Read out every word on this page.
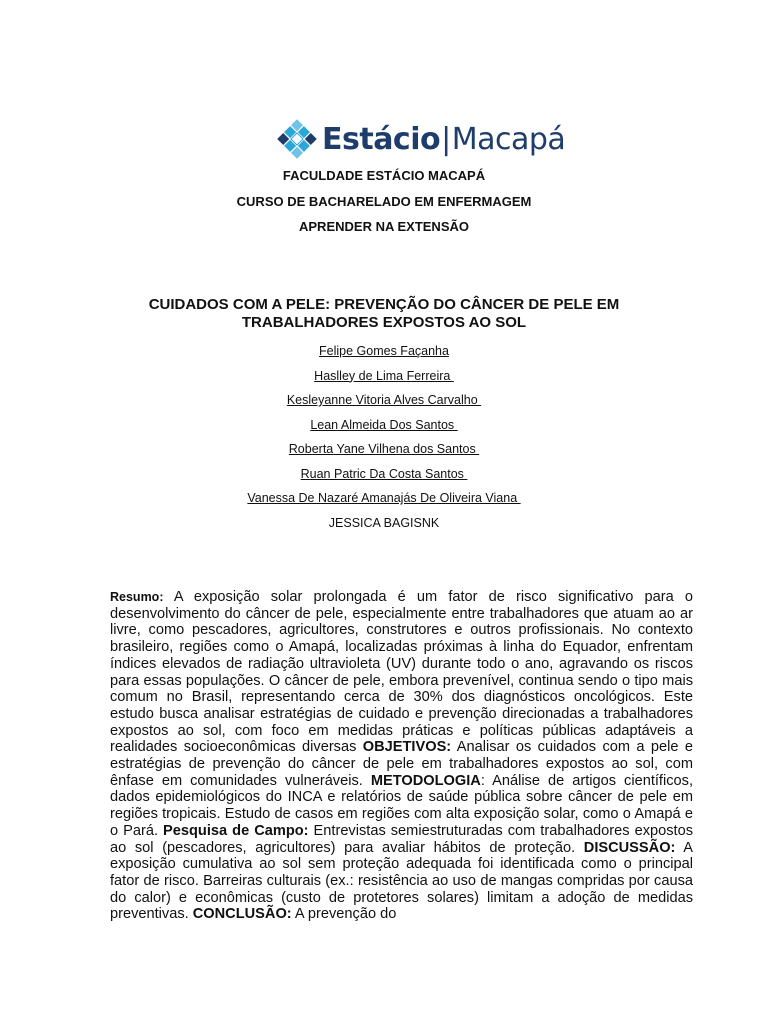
Estácio|Macapá
FACULDADE ESTÁCIO MACAPÁ
CURSO DE BACHARELADO EM ENFERMAGEM
APRENDER NA EXTENSÃO
CUIDADOS COM A PELE: PREVENÇÃO DO CÂNCER DE PELE EM TRABALHADORES EXPOSTOS AO SOL
Felipe Gomes Façanha
Haslley de Lima Ferreira
Kesleyanne Vitoria Alves Carvalho
Lean Almeida Dos Santos
Roberta Yane Vilhena dos Santos
Ruan Patric Da Costa Santos
Vanessa De Nazaré Amanajás De Oliveira Viana
JESSICA BAGISNK
Resumo: A exposição solar prolongada é um fator de risco significativo para o desenvolvimento do câncer de pele, especialmente entre trabalhadores que atuam ao ar livre, como pescadores, agricultores, construtores e outros profissionais. No contexto brasileiro, regiões como o Amapá, localizadas próximas à linha do Equador, enfrentam índices elevados de radiação ultravioleta (UV) durante todo o ano, agravando os riscos para essas populações. O câncer de pele, embora prevenível, continua sendo o tipo mais comum no Brasil, representando cerca de 30% dos diagnósticos oncológicos. Este estudo busca analisar estratégias de cuidado e prevenção direcionadas a trabalhadores expostos ao sol, com foco em medidas práticas e políticas públicas adaptáveis a realidades socioeconômicas diversas OBJETIVOS: Analisar os cuidados com a pele e estratégias de prevenção do câncer de pele em trabalhadores expostos ao sol, com ênfase em comunidades vulneráveis. METODOLOGIA: Análise de artigos científicos, dados epidemiológicos do INCA e relatórios de saúde pública sobre câncer de pele em regiões tropicais. Estudo de casos em regiões com alta exposição solar, como o Amapá e o Pará. Pesquisa de Campo: Entrevistas semiestruturadas com trabalhadores expostos ao sol (pescadores, agricultores) para avaliar hábitos de proteção. DISCUSSÃO: A exposição cumulativa ao sol sem proteção adequada foi identificada como o principal fator de risco. Barreiras culturais (ex.: resistência ao uso de mangas compridas por causa do calor) e econômicas (custo de protetores solares) limitam a adoção de medidas preventivas. CONCLUSÃO: A prevenção do
